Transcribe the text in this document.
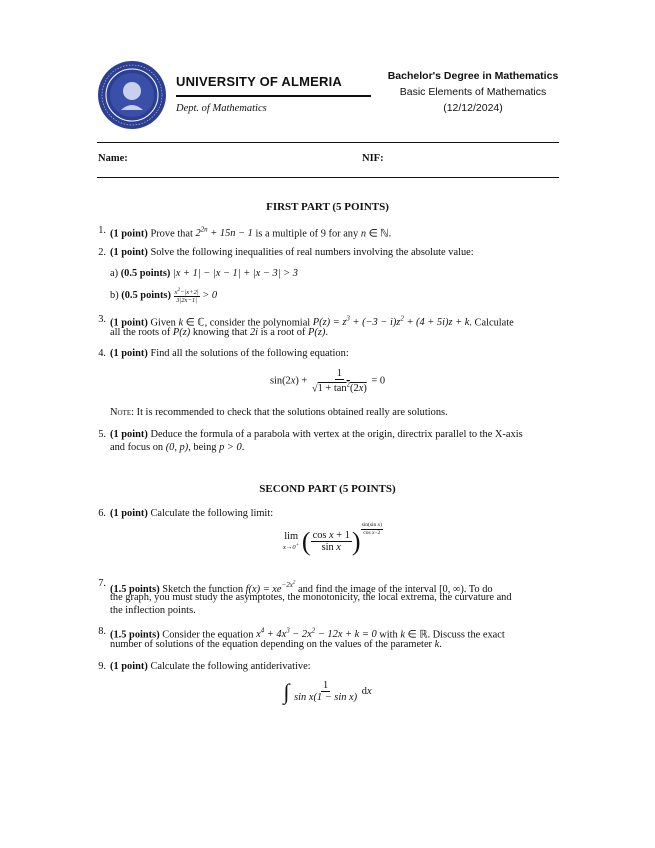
UNIVERSITY OF ALMERIA
Dept. of Mathematics
Bachelor's Degree in Mathematics
Basic Elements of Mathematics
(12/12/2024)
Name:	NIF:
FIRST PART (5 POINTS)
1. (1 point) Prove that $2^{2n} + 15n - 1$ is a multiple of 9 for any n ∈ ℕ.
2. (1 point) Solve the following inequalities of real numbers involving the absolute value:
a) (0.5 points) |x + 1| − |x − 1| + |x − 3| > 3
b) (0.5 points) $\frac{x^2-|x+2|}{3|2x-1|} > 0$
3. (1 point) Given k ∈ ℂ, consider the polynomial $P(z) = z^3 + (-3 - i)z^2 + (4 + 5i)z + k$. Calculate
all the roots of P(z) knowing that 2i is a root of P(z).
4. (1 point) Find all the solutions of the following equation:
$\sin(2x) + \frac{1}{√1 + \tan^2(2x)} = 0$
Note: It is recommended to check that the solutions obtained really are solutions.
5. (1 point) Deduce the formula of a parabola with vertex at the origin, directrix parallel to the X-axis
and focus on (0, p), being p > 0.
SECOND PART (5 POINTS)
6. (1 point) Calculate the following limit:
lim
x→0+ ( $\frac{\text{cos x + 1}}{\text{sin x}}$ ) $\frac{\text{sin(sin x)}}{\text{cos x−2}}$
7.
(1.5 points) Sketch the function $f(x) = xe^{-2x^2}$ and find the image of the interval [0, ∞). To do
the graph, you must study the asymptotes, the monotonicity, the local extrema, the curvature and
the inflection points.
8. (1.5 points) Consider the equation $x^4 + 4x^3 - 2x^2 - 12x + k = 0$ with k ∈ ℝ. Discuss the exact
number of solutions of the equation depending on the values of the parameter k.
9. (1 point) Calculate the following antiderivative:
∫ $\frac{1}{\text{sin x(1 − sin x)}}$ dx
